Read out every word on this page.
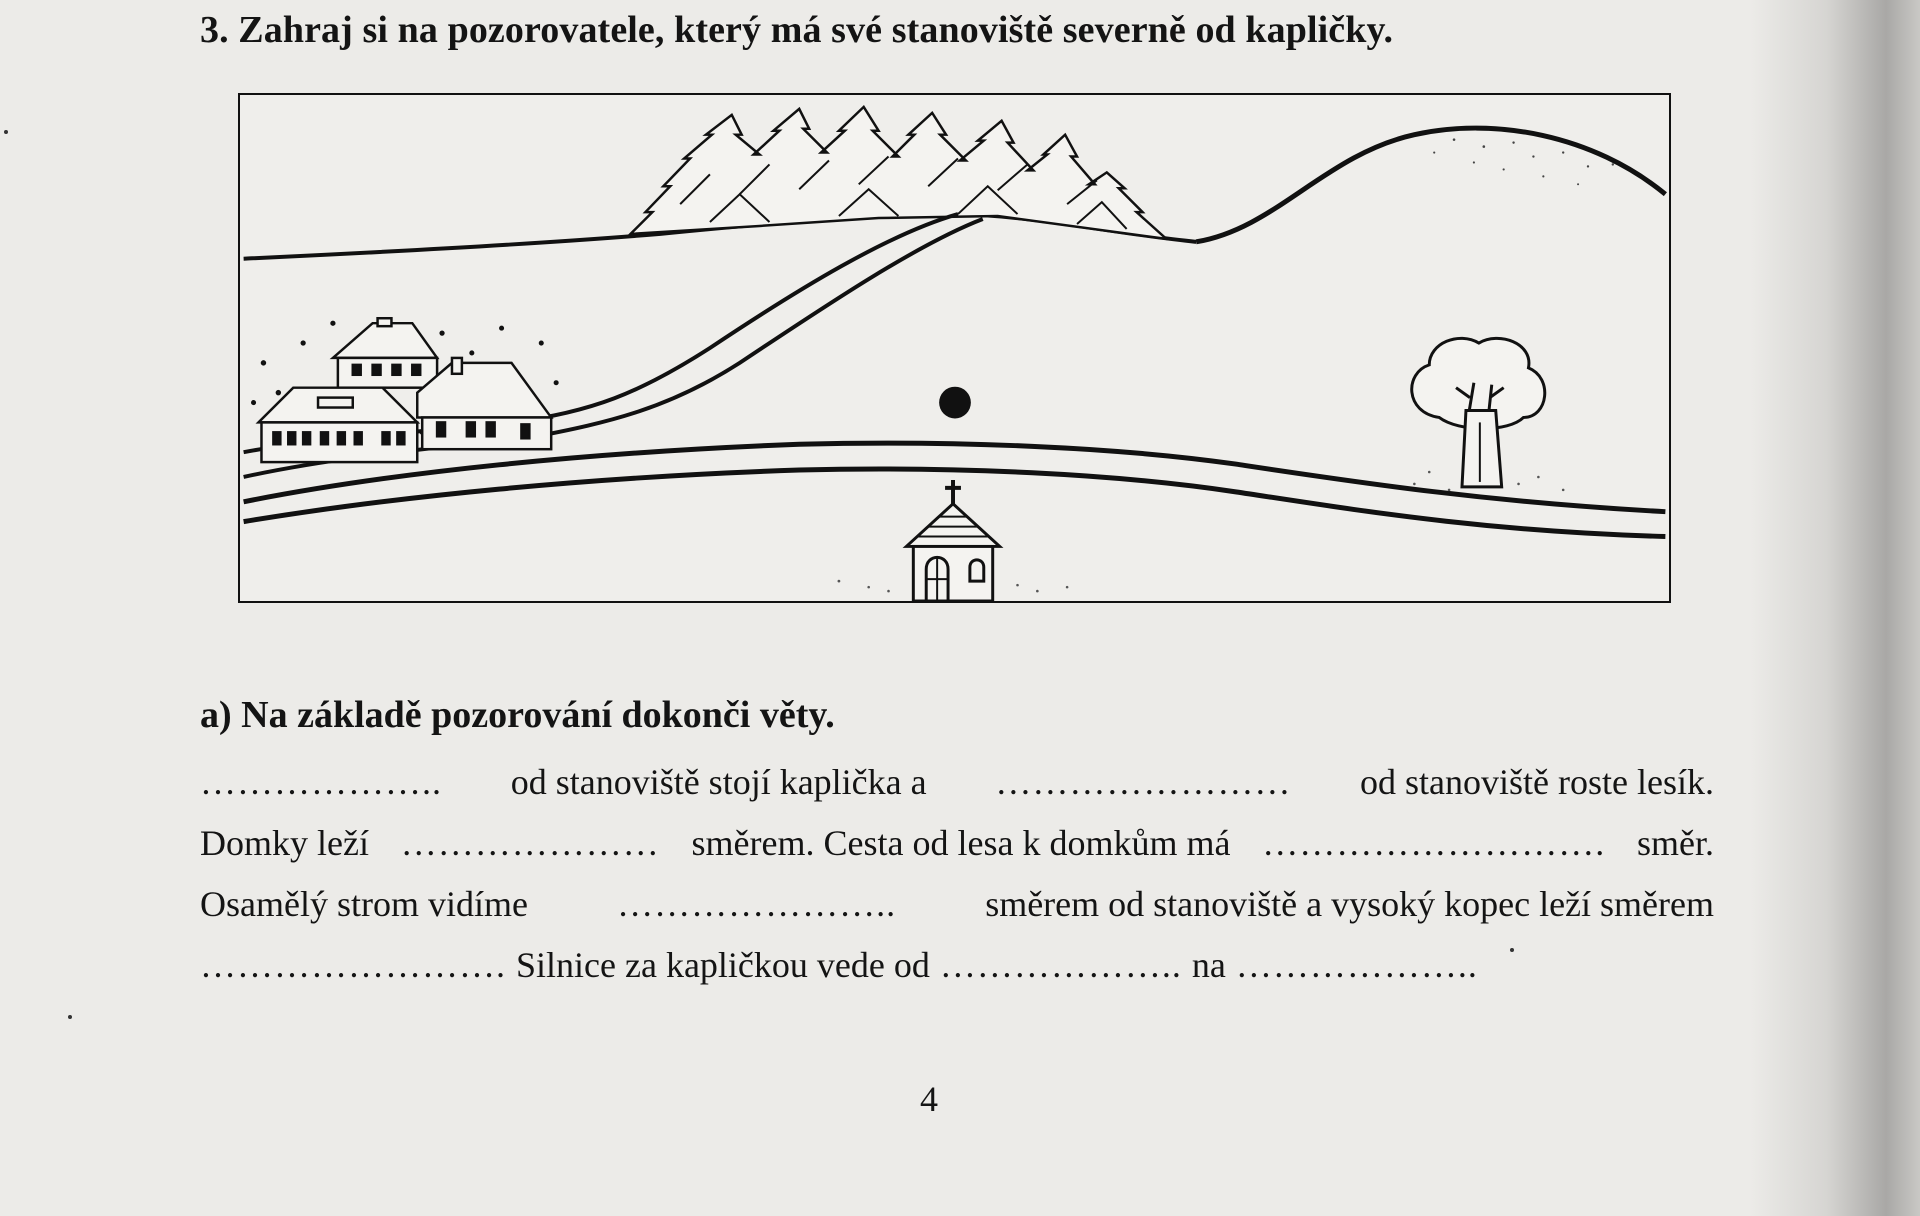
3. Zahraj si na pozorovatele, který má své stanoviště severně od kapličky.
a) Na základě pozorování dokonči věty.
……………….. od stanoviště stojí kaplička a …………………… od stanoviště roste lesík.
Domky leží ………………… směrem. Cesta od lesa k domkům má ………………………. směr.
Osamělý strom vidíme ………………….. směrem od stanoviště a vysoký kopec leží směrem
……………………. Silnice za kapličkou vede od ……………….. na ………………..
4
